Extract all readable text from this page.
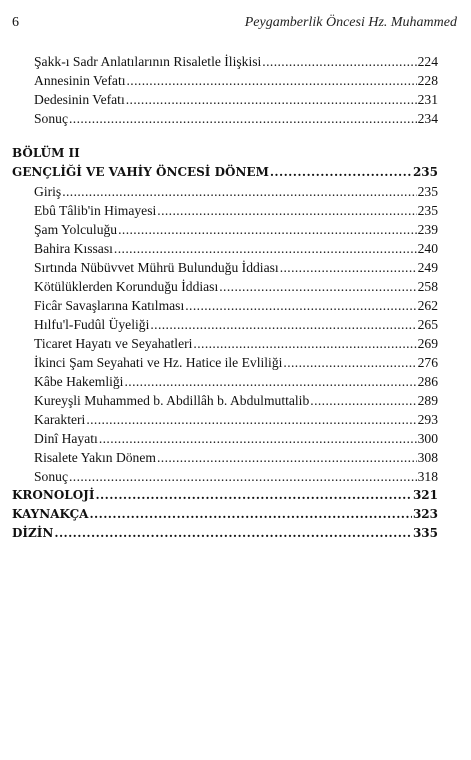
6	Peygamberlik Öncesi Hz. Muhammed
Şakk-ı Sadr Anlatılarının Risaletle İlişkisi .....	224
Annesinin Vefatı .....	228
Dedesinin Vefatı .....	231
Sonuç .....	234
BÖLÜM II
GENÇLİĞİ VE VAHİY ÖNCESİ DÖNEM .....	235
Giriş .....	235
Ebû Tâlib'in Himayesi .....	235
Şam Yolculuğu .....	239
Bahira Kıssası .....	240
Sırtında Nübüvvet Mührü Bulunduğu İddiası .....	249
Kötülüklerden Korunduğu İddiası .....	258
Ficâr Savaşlarına Katılması .....	262
Hılfu'l-Fudûl Üyeliği .....	265
Ticaret Hayatı ve Seyahatleri .....	269
İkinci Şam Seyahati ve Hz. Hatice ile Evliliği .....	276
Kâbe Hakemliği .....	286
Kureyşli Muhammed b. Abdillâh b. Abdulmuttalib .....	289
Karakteri .....	293
Dinî Hayatı .....	300
Risalete Yakın Dönem .....	308
Sonuç .....	318
KRONOLOJİ .....	321
KAYNAKÇA .....	323
DİZİN .....	335
